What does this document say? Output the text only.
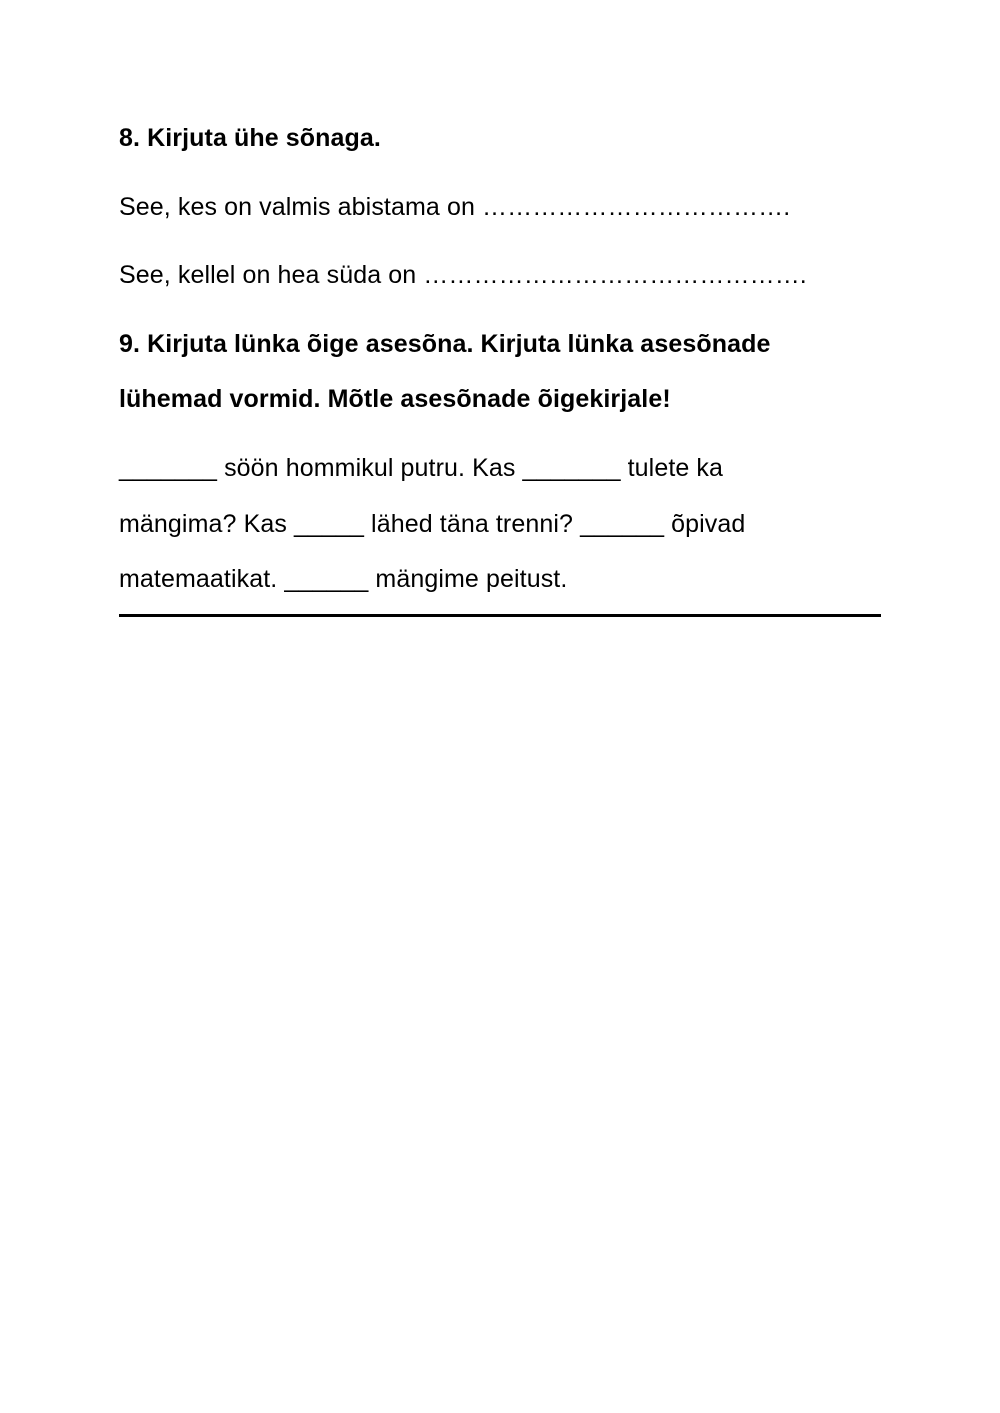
8. Kirjuta ühe sõnaga.
See, kes on valmis abistama on ……………………………….
See, kellel on hea süda on ……………………………………….
9. Kirjuta lünka õige asesõna. Kirjuta lünka asesõnade
lühemad vormid. Mõtle asesõnade õigekirjale!
_______ söön hommikul putru. Kas _______ tulete ka
mängima? Kas _____ lähed täna trenni? ______ õpivad
matemaatikat. ______ mängime peitust.
